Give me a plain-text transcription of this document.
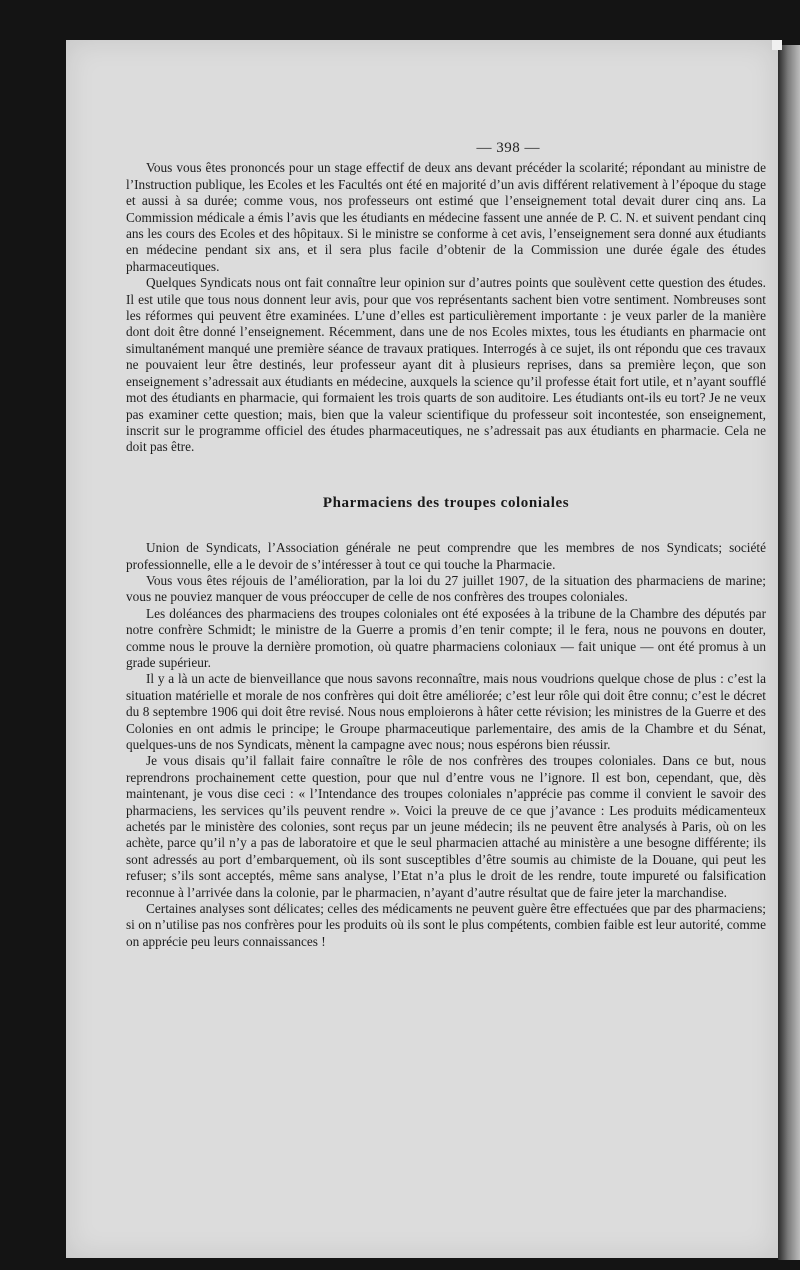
— 398 —

Vous vous êtes prononcés pour un stage effectif de deux ans devant précéder la scolarité; répondant au ministre de l’Instruction publique, les Ecoles et les Facultés ont été en majorité d’un avis différent relativement à l’époque du stage et aussi à sa durée; comme vous, nos professeurs ont estimé que l’enseignement total devait durer cinq ans. La Commission médicale a émis l’avis que les étudiants en médecine fassent une année de P. C. N. et suivent pendant cinq ans les cours des Ecoles et des hôpitaux. Si le ministre se conforme à cet avis, l’enseignement sera donné aux étudiants en médecine pendant six ans, et il sera plus facile d’obtenir de la Commission une durée égale des études pharmaceutiques.

Quelques Syndicats nous ont fait connaître leur opinion sur d’autres points que soulèvent cette question des études. Il est utile que tous nous donnent leur avis, pour que vos représentants sachent bien votre sentiment. Nombreuses sont les réformes qui peuvent être examinées. L’une d’elles est particulièrement importante : je veux parler de la manière dont doit être donné l’enseignement. Récemment, dans une de nos Ecoles mixtes, tous les étudiants en pharmacie ont simultanément manqué une première séance de travaux pratiques. Interrogés à ce sujet, ils ont répondu que ces travaux ne pouvaient leur être destinés, leur professeur ayant dit à plusieurs reprises, dans sa première leçon, que son enseignement s’adressait aux étudiants en médecine, auxquels la science qu’il professe était fort utile, et n’ayant soufflé mot des étudiants en pharmacie, qui formaient les trois quarts de son auditoire. Les étudiants ont-ils eu tort? Je ne veux pas examiner cette question; mais, bien que la valeur scientifique du professeur soit incontestée, son enseignement, inscrit sur le programme officiel des études pharmaceutiques, ne s’adressait pas aux étudiants en pharmacie. Cela ne doit pas être.

Pharmaciens des troupes coloniales

Union de Syndicats, l’Association générale ne peut comprendre que les membres de nos Syndicats; société professionnelle, elle a le devoir de s’intéresser à tout ce qui touche la Pharmacie.

Vous vous êtes réjouis de l’amélioration, par la loi du 27 juillet 1907, de la situation des pharmaciens de marine; vous ne pouviez manquer de vous préoccuper de celle de nos confrères des troupes coloniales.

Les doléances des pharmaciens des troupes coloniales ont été exposées à la tribune de la Chambre des députés par notre confrère Schmidt; le ministre de la Guerre a promis d’en tenir compte; il le fera, nous ne pouvons en douter, comme nous le prouve la dernière promotion, où quatre pharmaciens coloniaux — fait unique — ont été promus à un grade supérieur.

Il y a là un acte de bienveillance que nous savons reconnaître, mais nous voudrions quelque chose de plus : c’est la situation matérielle et morale de nos confrères qui doit être améliorée; c’est leur rôle qui doit être connu; c’est le décret du 8 septembre 1906 qui doit être revisé. Nous nous emploierons à hâter cette révision; les ministres de la Guerre et des Colonies en ont admis le principe; le Groupe pharmaceutique parlementaire, des amis de la Chambre et du Sénat, quelques-uns de nos Syndicats, mènent la campagne avec nous; nous espérons bien réussir.

Je vous disais qu’il fallait faire connaître le rôle de nos confrères des troupes coloniales. Dans ce but, nous reprendrons prochainement cette question, pour que nul d’entre vous ne l’ignore. Il est bon, cependant, que, dès maintenant, je vous dise ceci : « l’Intendance des troupes coloniales n’apprécie pas comme il convient le savoir des pharmaciens, les services qu’ils peuvent rendre ». Voici la preuve de ce que j’avance : Les produits médicamenteux achetés par le ministère des colonies, sont reçus par un jeune médecin; ils ne peuvent être analysés à Paris, où on les achète, parce qu’il n’y a pas de laboratoire et que le seul pharmacien attaché au ministère a une besogne différente; ils sont adressés au port d’embarquement, où ils sont susceptibles d’être soumis au chimiste de la Douane, qui peut les refuser; s’ils sont acceptés, même sans analyse, l’Etat n’a plus le droit de les rendre, toute impureté ou falsification reconnue à l’arrivée dans la colonie, par le pharmacien, n’ayant d’autre résultat que de faire jeter la marchandise.

Certaines analyses sont délicates; celles des médicaments ne peuvent guère être effectuées que par des pharmaciens; si on n’utilise pas nos confrères pour les produits où ils sont le plus compétents, combien faible est leur autorité, comme on apprécie peu leurs connaissances !
